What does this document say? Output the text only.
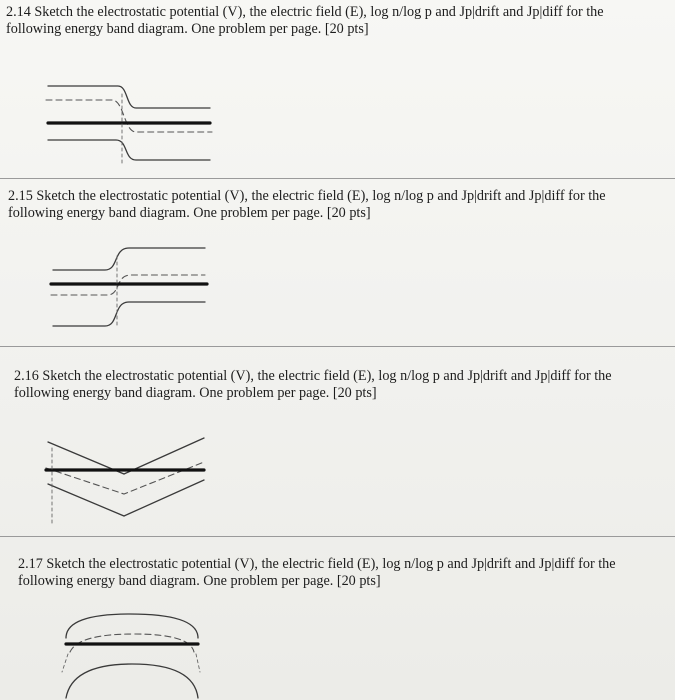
2.14 Sketch the electrostatic potential (V), the electric field (E), log n/log p and Jp|drift and Jp|diff for the
following energy band diagram. One problem per page. [20 pts]

2.15 Sketch the electrostatic potential (V), the electric field (E), log n/log p and Jp|drift and Jp|diff for the
following energy band diagram. One problem per page. [20 pts]

2.16 Sketch the electrostatic potential (V), the electric field (E), log n/log p and Jp|drift and Jp|diff for the
following energy band diagram. One problem per page. [20 pts]

2.17 Sketch the electrostatic potential (V), the electric field (E), log n/log p and Jp|drift and Jp|diff for the
following energy band diagram. One problem per page. [20 pts]
